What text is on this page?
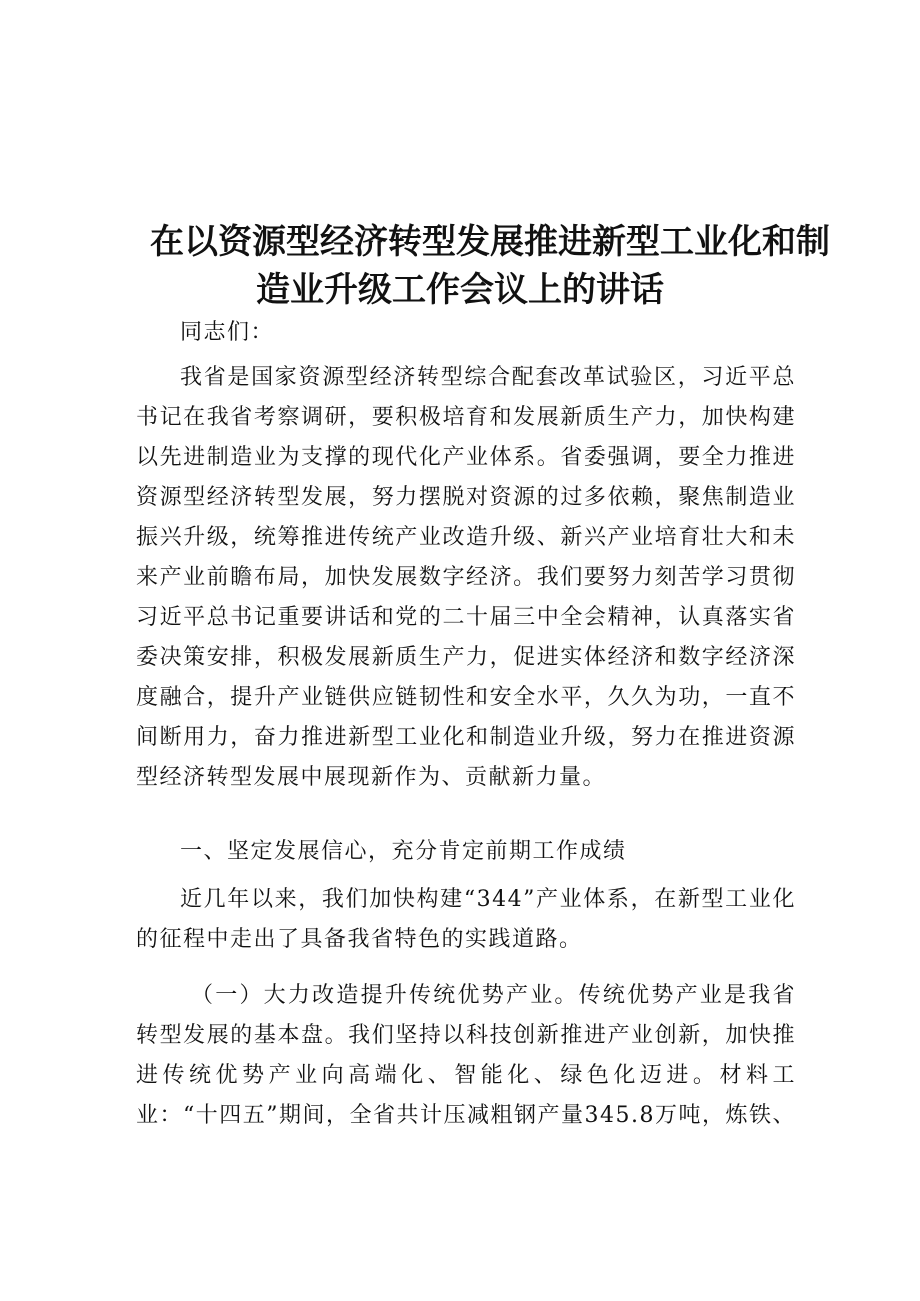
在以资源型经济转型发展推进新型工业化和制
造业升级工作会议上的讲话

同志们：

我省是国家资源型经济转型综合配套改革试验区，习近平总书记在我省考察调研，要积极培育和发展新质生产力，加快构建以先进制造业为支撑的现代化产业体系。省委强调，要全力推进资源型经济转型发展，努力摆脱对资源的过多依赖，聚焦制造业振兴升级，统筹推进传统产业改造升级、新兴产业培育壮大和未来产业前瞻布局，加快发展数字经济。我们要努力刻苦学习贯彻习近平总书记重要讲话和党的二十届三中全会精神，认真落实省委决策安排，积极发展新质生产力，促进实体经济和数字经济深度融合，提升产业链供应链韧性和安全水平，久久为功，一直不间断用力，奋力推进新型工业化和制造业升级，努力在推进资源型经济转型发展中展现新作为、贡献新力量。

一、坚定发展信心，充分肯定前期工作成绩

近几年以来，我们加快构建“344”产业体系，在新型工业化的征程中走出了具备我省特色的实践道路。

（一）大力改造提升传统优势产业。传统优势产业是我省转型发展的基本盘。我们坚持以科技创新推进产业创新，加快推进传统优势产业向高端化、智能化、绿色化迈进。材料工业：“十四五”期间，全省共计压减粗钢产量345.8万吨，炼铁、
